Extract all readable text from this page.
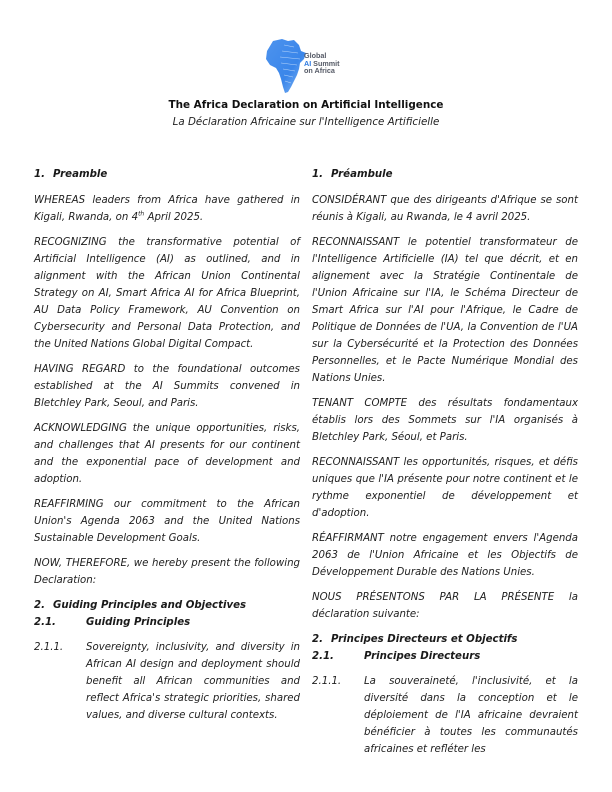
Global
AI Summit
on Africa
The Africa Declaration on Artificial Intelligence
La Déclaration Africaine sur l'Intelligence Artificielle

1. Preamble

WHEREAS leaders from Africa have gathered in Kigali, Rwanda, on 4th April 2025.

RECOGNIZING the transformative potential of Artificial Intelligence (AI) as outlined, and in alignment with the African Union Continental Strategy on AI, Smart Africa AI for Africa Blueprint, AU Data Policy Framework, AU Convention on Cybersecurity and Personal Data Protection, and the United Nations Global Digital Compact.

HAVING REGARD to the foundational outcomes established at the AI Summits convened in Bletchley Park, Seoul, and Paris.

ACKNOWLEDGING the unique opportunities, risks, and challenges that AI presents for our continent and the exponential pace of development and adoption.

REAFFIRMING our commitment to the African Union's Agenda 2063 and the United Nations Sustainable Development Goals.

NOW, THEREFORE, we hereby present the following Declaration:

2. Guiding Principles and Objectives

2.1.	Guiding Principles

2.1.1.	Sovereignty, inclusivity, and diversity in African AI design and deployment should benefit all African communities and reflect Africa's strategic priorities, shared values, and diverse cultural contexts.

1. Préambule

CONSIDÉRANT que des dirigeants d'Afrique se sont réunis à Kigali, au Rwanda, le 4 avril 2025.

RECONNAISSANT le potentiel transformateur de l'Intelligence Artificielle (IA) tel que décrit, et en alignement avec la Stratégie Continentale de l'Union Africaine sur l'IA, le Schéma Directeur de Smart Africa sur l'AI pour l'Afrique, le Cadre de Politique de Données de l'UA, la Convention de l'UA sur la Cybersécurité et la Protection des Données Personnelles, et le Pacte Numérique Mondial des Nations Unies.

TENANT COMPTE des résultats fondamentaux établis lors des Sommets sur l'IA organisés à Bletchley Park, Séoul, et Paris.

RECONNAISSANT les opportunités, risques, et défis uniques que l'IA présente pour notre continent et le rythme exponentiel de développement et d'adoption.

RÉAFFIRMANT notre engagement envers l'Agenda 2063 de l'Union Africaine et les Objectifs de Développement Durable des Nations Unies.

NOUS PRÉSENTONS PAR LA PRÉSENTE la déclaration suivante:

2. Principes Directeurs et Objectifs

2.1.	Principes Directeurs

2.1.1.	La souveraineté, l'inclusivité, et la diversité dans la conception et le déploiement de l'IA africaine devraient bénéficier à toutes les communautés africaines et refléter les
